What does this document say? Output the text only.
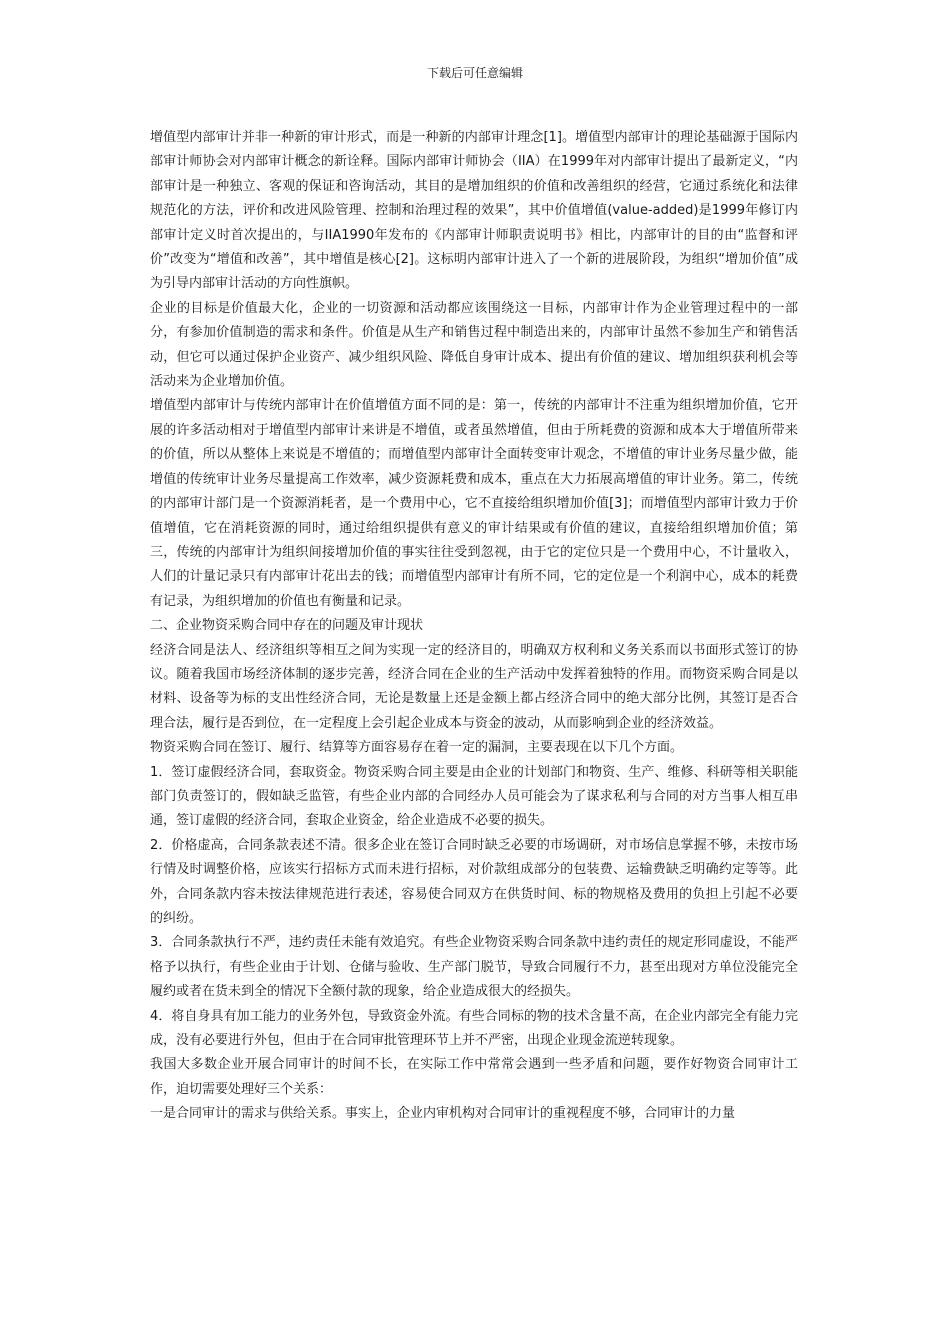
下载后可任意编辑

增值型内部审计并非一种新的审计形式，而是一种新的内部审计理念[1]。增值型内部审计的理论基础源于国际内部审计师协会对内部审计概念的新诠释。国际内部审计师协会（IIA）在1999年对内部审计提出了最新定义，“内部审计是一种独立、客观的保证和咨询活动，其目的是增加组织的价值和改善组织的经营，它通过系统化和法律规范化的方法，评价和改进风险管理、控制和治理过程的效果”，其中价值增值(value-added)是1999年修订内部审计定义时首次提出的，与IIA1990年发布的《内部审计师职责说明书》相比，内部审计的目的由“监督和评价”改变为“增值和改善”，其中增值是核心[2]。这标明内部审计进入了一个新的进展阶段，为组织“增加价值”成为引导内部审计活动的方向性旗帜。

企业的目标是价值最大化，企业的一切资源和活动都应该围绕这一目标，内部审计作为企业管理过程中的一部分，有参加价值制造的需求和条件。价值是从生产和销售过程中制造出来的，内部审计虽然不参加生产和销售活动，但它可以通过保护企业资产、减少组织风险、降低自身审计成本、提出有价值的建议、增加组织获利机会等活动来为企业增加价值。

增值型内部审计与传统内部审计在价值增值方面不同的是：第一，传统的内部审计不注重为组织增加价值，它开展的许多活动相对于增值型内部审计来讲是不增值，或者虽然增值，但由于所耗费的资源和成本大于增值所带来的价值，所以从整体上来说是不增值的；而增值型内部审计全面转变审计观念，不增值的审计业务尽量少做，能增值的传统审计业务尽量提高工作效率，减少资源耗费和成本，重点在大力拓展高增值的审计业务。第二，传统的内部审计部门是一个资源消耗者，是一个费用中心，它不直接给组织增加价值[3]；而增值型内部审计致力于价值增值，它在消耗资源的同时，通过给组织提供有意义的审计结果或有价值的建议，直接给组织增加价值；第三，传统的内部审计为组织间接增加价值的事实往往受到忽视，由于它的定位只是一个费用中心，不计量收入，人们的计量记录只有内部审计花出去的钱；而增值型内部审计有所不同，它的定位是一个利润中心，成本的耗费有记录，为组织增加的价值也有衡量和记录。

二、企业物资采购合同中存在的问题及审计现状

经济合同是法人、经济组织等相互之间为实现一定的经济目的，明确双方权利和义务关系而以书面形式签订的协议。随着我国市场经济体制的逐步完善，经济合同在企业的生产活动中发挥着独特的作用。而物资采购合同是以材料、设备等为标的支出性经济合同，无论是数量上还是金额上都占经济合同中的绝大部分比例，其签订是否合理合法，履行是否到位，在一定程度上会引起企业成本与资金的波动，从而影响到企业的经济效益。

物资采购合同在签订、履行、结算等方面容易存在着一定的漏洞，主要表现在以下几个方面。

1．签订虚假经济合同，套取资金。物资采购合同主要是由企业的计划部门和物资、生产、维修、科研等相关职能部门负责签订的，假如缺乏监管，有些企业内部的合同经办人员可能会为了谋求私利与合同的对方当事人相互串通，签订虚假的经济合同，套取企业资金，给企业造成不必要的损失。

2．价格虚高，合同条款表述不清。很多企业在签订合同时缺乏必要的市场调研，对市场信息掌握不够，未按市场行情及时调整价格，应该实行招标方式而未进行招标，对价款组成部分的包装费、运输费缺乏明确约定等等。此外，合同条款内容未按法律规范进行表述，容易使合同双方在供货时间、标的物规格及费用的负担上引起不必要的纠纷。

3．合同条款执行不严，违约责任未能有效追究。有些企业物资采购合同条款中违约责任的规定形同虚设，不能严格予以执行，有些企业由于计划、仓储与验收、生产部门脱节，导致合同履行不力，甚至出现对方单位没能完全履约或者在货未到全的情况下全额付款的现象，给企业造成很大的经损失。

4．将自身具有加工能力的业务外包，导致资金外流。有些合同标的物的技术含量不高，在企业内部完全有能力完成，没有必要进行外包，但由于在合同审批管理环节上并不严密，出现企业现金流逆转现象。

我国大多数企业开展合同审计的时间不长，在实际工作中常常会遇到一些矛盾和问题，要作好物资合同审计工作，迫切需要处理好三个关系：

一是合同审计的需求与供给关系。事实上，企业内审机构对合同审计的重视程度不够，合同审计的力量
